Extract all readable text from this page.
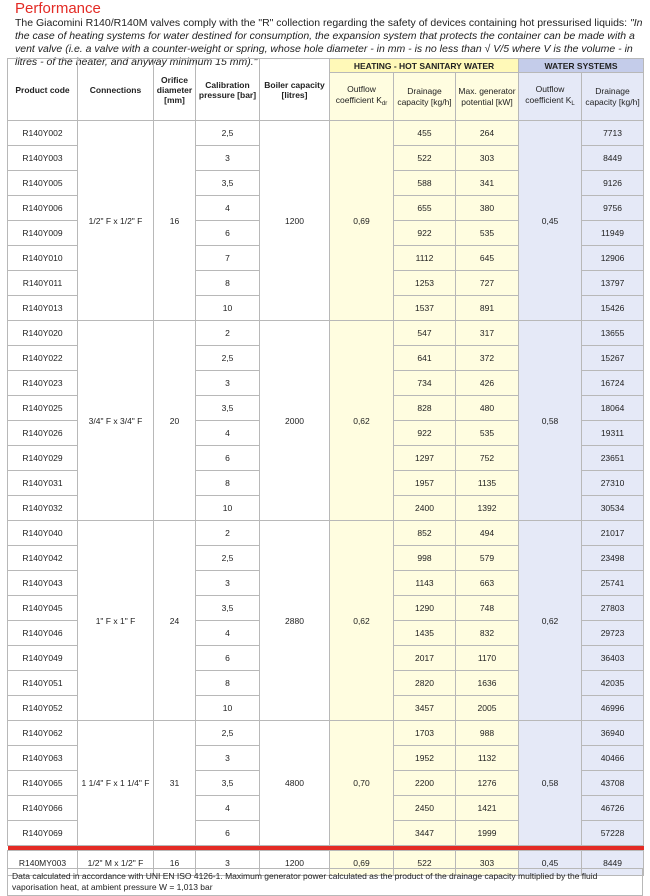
Performance
The Giacomini R140/R140M valves comply with the "R" collection regarding the safety of devices containing hot pressurised liquids: "In the case of heating systems for water destined for consumption, the expansion system that protects the container can be made with a vent valve (i.e. a valve with a counter-weight or spring, whose hole diameter - in mm - is no less than √ V/5 where V is the volume - in litres - of the heater, and anyway minimum 15 mm)."
Product code	Connections	Orifice diameter [mm]	Calibration pressure [bar]	Boiler capacity [litres]	HEATING - HOT SANITARY WATER			WATER SYSTEMS	
					Outflow coefficient $K_{dr}$	Drainage capacity [kg/h]	Max. generator potential [kW]	Outflow coefficient $K_L$	Drainage capacity [kg/h]
R140Y002	1/2" F x 1/2" F	16	2,5	1200	0,69	455	264	0,45	7713
R140Y003			3			522	303		8449
R140Y005			3,5			588	341		9126
R140Y006			4			655	380		9756
R140Y009			6			922	535		11949
R140Y010			7			1112	645		12906
R140Y011			8			1253	727		13797
R140Y013			10			1537	891		15426
R140Y020	3/4" F x 3/4" F	20	2	2000	0,62	547	317	0,58	13655
R140Y022			2,5			641	372		15267
R140Y023			3			734	426		16724
R140Y025			3,5			828	480		18064
R140Y026			4			922	535		19311
R140Y029			6			1297	752		23651
R140Y031			8			1957	1135		27310
R140Y032			10			2400	1392		30534
R140Y040	1" F x 1" F	24	2	2880	0,62	852	494	0,62	21017
R140Y042			2,5			998	579		23498
R140Y043			3			1143	663		25741
R140Y045			3,5			1290	748		27803
R140Y046			4			1435	832		29723
R140Y049			6			2017	1170		36403
R140Y051			8			2820	1636		42035
R140Y052			10			3457	2005		46996
R140Y062	1 1/4" F x 1 1/4" F	31	2,5	4800	0,70	1703	988	0,58	36940
R140Y063			3			1952	1132		40466
R140Y065			3,5			2200	1276		43708
R140Y066			4			2450	1421		46726
R140Y069			6			3447	1999		57228

R140MY003	1/2" M x 1/2" F	16	3	1200	0,69	522	303	0,45	8449
Data calculated in accordance with UNI EN ISO 4126-1. Maximum generator power calculated as the product of the drainage capacity multiplied by the fluid vaporisation heat, at ambient pressure W = 1,013 bar
